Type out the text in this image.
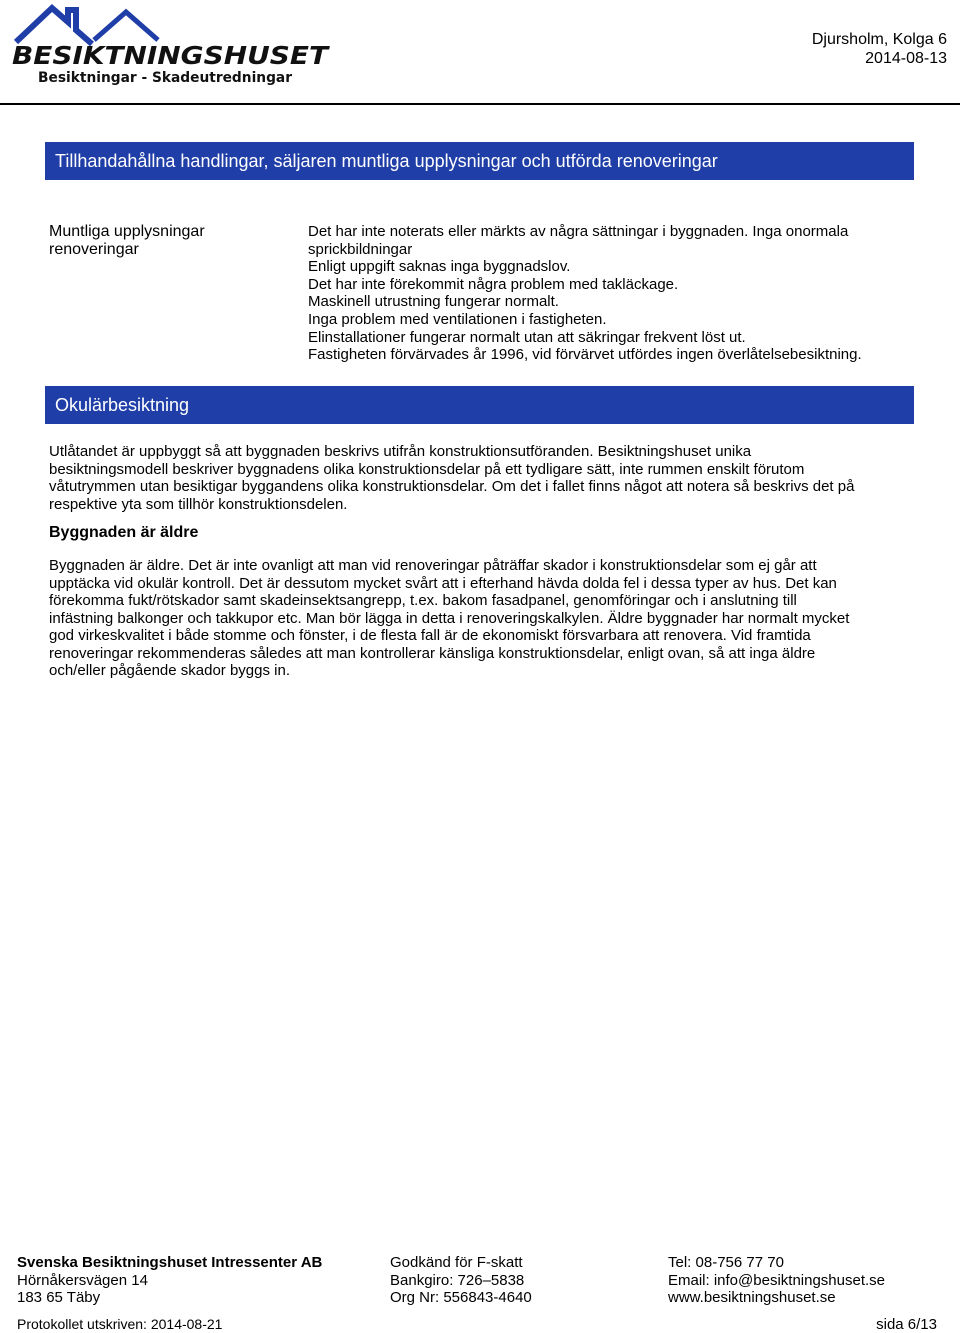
BESIKTNINGSHUSET
Besiktningar - Skadeutredningar
Djursholm, Kolga 6
2014-08-13
Tillhandahållna handlingar, säljaren muntliga upplysningar och utförda renoveringar
Muntliga upplysningar
renoveringar
Det har inte noterats eller märkts av några sättningar i byggnaden. Inga onormala
sprickbildningar
Enligt uppgift saknas inga byggnadslov.
Det har inte förekommit några problem med takläckage.
Maskinell utrustning fungerar normalt.
Inga problem med ventilationen i fastigheten.
Elinstallationer fungerar normalt utan att säkringar frekvent löst ut.
Fastigheten förvärvades år 1996, vid förvärvet utfördes ingen överlåtelsebesiktning.
Okulärbesiktning
Utlåtandet är uppbyggt så att byggnaden beskrivs utifrån konstruktionsutföranden. Besiktningshuset unika
besiktningsmodell beskriver byggnadens olika konstruktionsdelar på ett tydligare sätt, inte rummen enskilt förutom
våtutrymmen utan besiktigar byggandens olika konstruktionsdelar. Om det i fallet finns något att notera så beskrivs det på
respektive yta som tillhör konstruktionsdelen.
Byggnaden är äldre
Byggnaden är äldre. Det är inte ovanligt att man vid renoveringar påträffar skador i konstruktionsdelar som ej går att
upptäcka vid okulär kontroll. Det är dessutom mycket svårt att i efterhand hävda dolda fel i dessa typer av hus. Det kan
förekomma fukt/rötskador samt skadeinsektsangrepp, t.ex. bakom fasadpanel, genomföringar och i anslutning till
infästning balkonger och takkupor etc. Man bör lägga in detta i renoveringskalkylen. Äldre byggnader har normalt mycket
god virkeskvalitet i både stomme och fönster, i de flesta fall är de ekonomiskt försvarbara att renovera. Vid framtida
renoveringar rekommenderas således att man kontrollerar känsliga konstruktionsdelar, enligt ovan, så att inga äldre
och/eller pågående skador byggs in.
Svenska Besiktningshuset Intressenter AB
Hörnåkersvägen 14
183 65 Täby
Godkänd för F-skatt
Bankgiro: 726–5838
Org Nr: 556843-4640
Tel: 08-756 77 70
Email: info@besiktningshuset.se
www.besiktningshuset.se
Protokollet utskriven: 2014-08-21	sida 6/13
